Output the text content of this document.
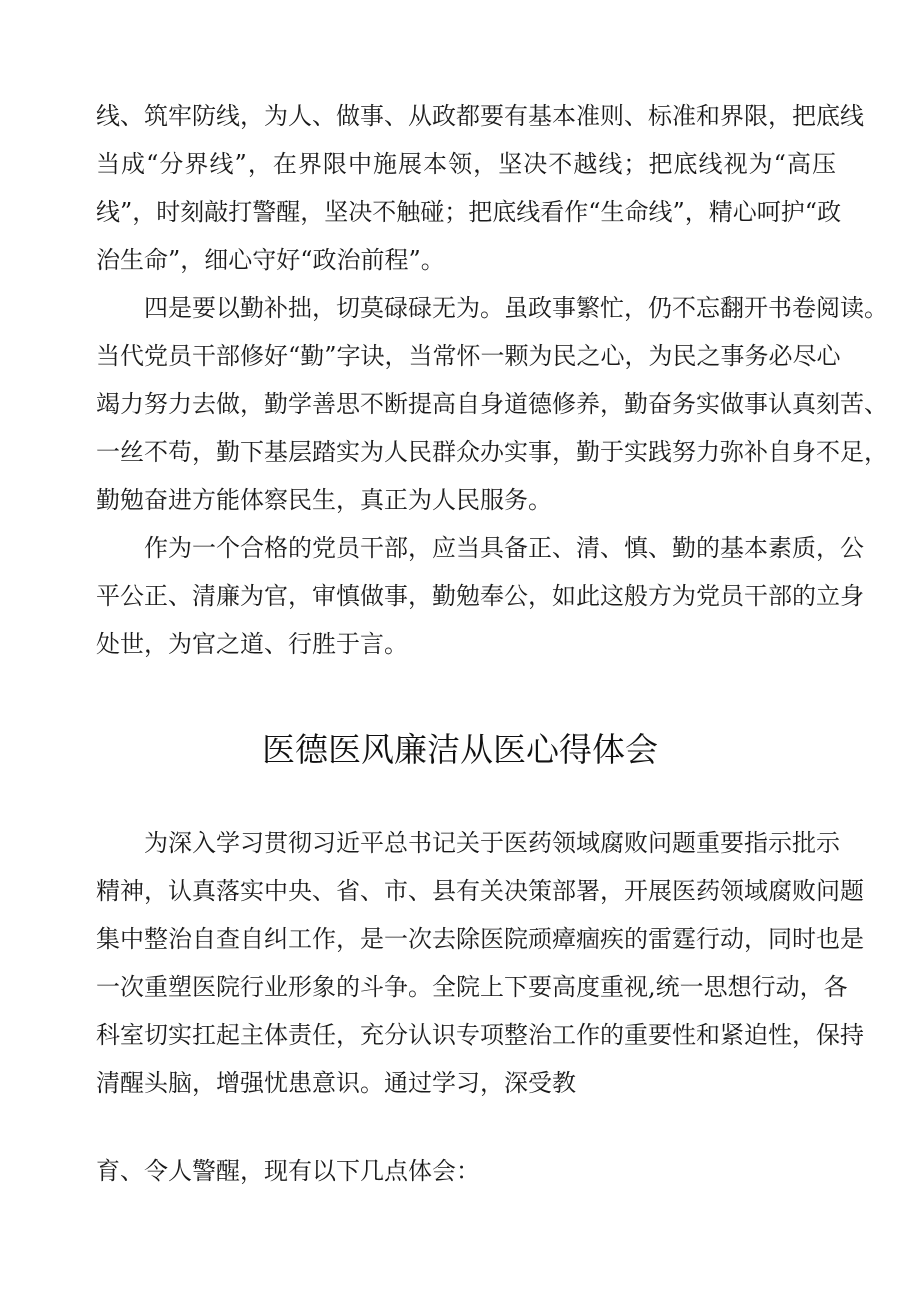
线、筑牢防线，为人、做事、从政都要有基本准则、标准和界限，把底线
当成“分界线”，在界限中施展本领，坚决不越线；把底线视为“高压
线”，时刻敲打警醒，坚决不触碰；把底线看作“生命线”，精心呵护“政
治生命”，细心守好“政治前程”。
四是要以勤补拙，切莫碌碌无为。虽政事繁忙，仍不忘翻开书卷阅读。
当代党员干部修好“勤”字诀，当常怀一颗为民之心，为民之事务必尽心
竭力努力去做，勤学善思不断提高自身道德修养，勤奋务实做事认真刻苦、
一丝不苟，勤下基层踏实为人民群众办实事，勤于实践努力弥补自身不足，
勤勉奋进方能体察民生，真正为人民服务。
作为一个合格的党员干部，应当具备正、清、慎、勤的基本素质，公
平公正、清廉为官，审慎做事，勤勉奉公，如此这般方为党员干部的立身
处世，为官之道、行胜于言。
医德医风廉洁从医心得体会
为深入学习贯彻习近平总书记关于医药领域腐败问题重要指示批示
精神，认真落实中央、省、市、县有关决策部署，开展医药领域腐败问题
集中整治自查自纠工作，是一次去除医院顽瘴痼疾的雷霆行动，同时也是
一次重塑医院行业形象的斗争。全院上下要高度重视,统一思想行动，各
科室切实扛起主体责任，充分认识专项整治工作的重要性和紧迫性，保持
清醒头脑，增强忧患意识。通过学习，深受教
育、令人警醒，现有以下几点体会：
